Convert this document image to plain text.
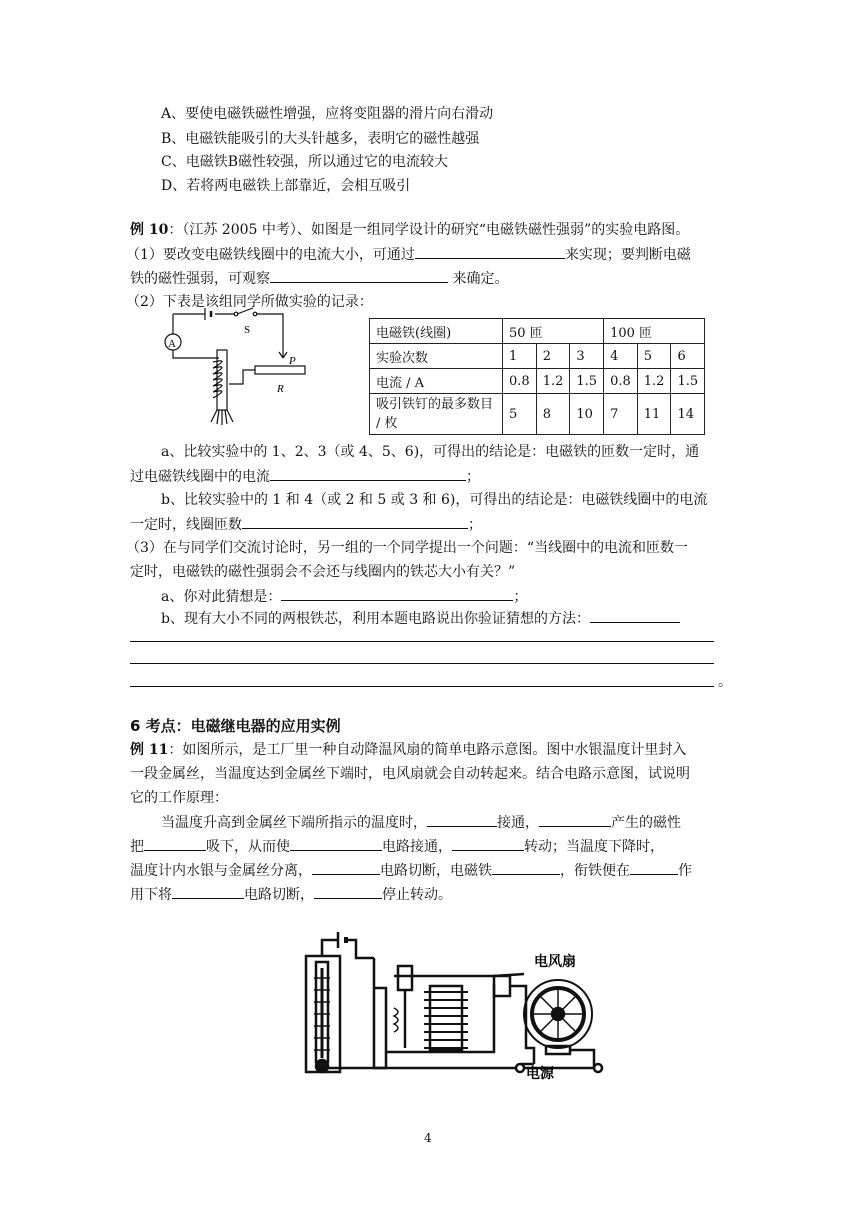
A、要使电磁铁磁性增强，应将变阻器的滑片向右滑动
B、电磁铁能吸引的大头针越多，表明它的磁性越强
C、电磁铁B磁性较强，所以通过它的电流较大
D、若将两电磁铁上部靠近，会相互吸引
例 10：（江苏 2005 中考）、如图是一组同学设计的研究“电磁铁磁性强弱”的实验电路图。
（1）要改变电磁铁线圈中的电流大小，可通过	来实现；要判断电磁
铁的磁性强弱，可观察	来确定。
（2）下表是该组同学所做实验的记录：
A
S
P
R
电磁铁(线圈)	50 匝			100 匝		
实验次数	1	2	3	4	5	6
电流 / A	0.8	1.2	1.5	0.8	1.2	1.5
吸引铁钉的最多数目 / 枚	5	8	10	7	11	14
a、比较实验中的 1、2、3（或 4、5、6)，可得出的结论是：电磁铁的匝数一定时，通
过电磁铁线圈中的电流	；
b、比较实验中的 1 和 4（或 2 和 5 或 3 和 6)，可得出的结论是：电磁铁线圈中的电流
一定时，线圈匝数	；
（3）在与同学们交流讨论时，另一组的一个同学提出一个问题：“当线圈中的电流和匝数一
定时，电磁铁的磁性强弱会不会还与线圈内的铁芯大小有关？”
a、你对此猜想是：	；
b、现有大小不同的两根铁芯，利用本题电路说出你验证猜想的方法：
。
6 考点：电磁继电器的应用实例
例 11：如图所示，是工厂里一种自动降温风扇的简单电路示意图。图中水银温度计里封入
一段金属丝，当温度达到金属丝下端时，电风扇就会自动转起来。结合电路示意图，试说明
它的工作原理：
当温度升高到金属丝下端所指示的温度时，	接通，	产生的磁性
把	吸下，从而使	电路接通，	转动；当温度下降时，
温度计内水银与金属丝分离，	电路切断，电磁铁	，衔铁便在	作
用下将	电路切断，	停止转动。
电风扇
电源
4
